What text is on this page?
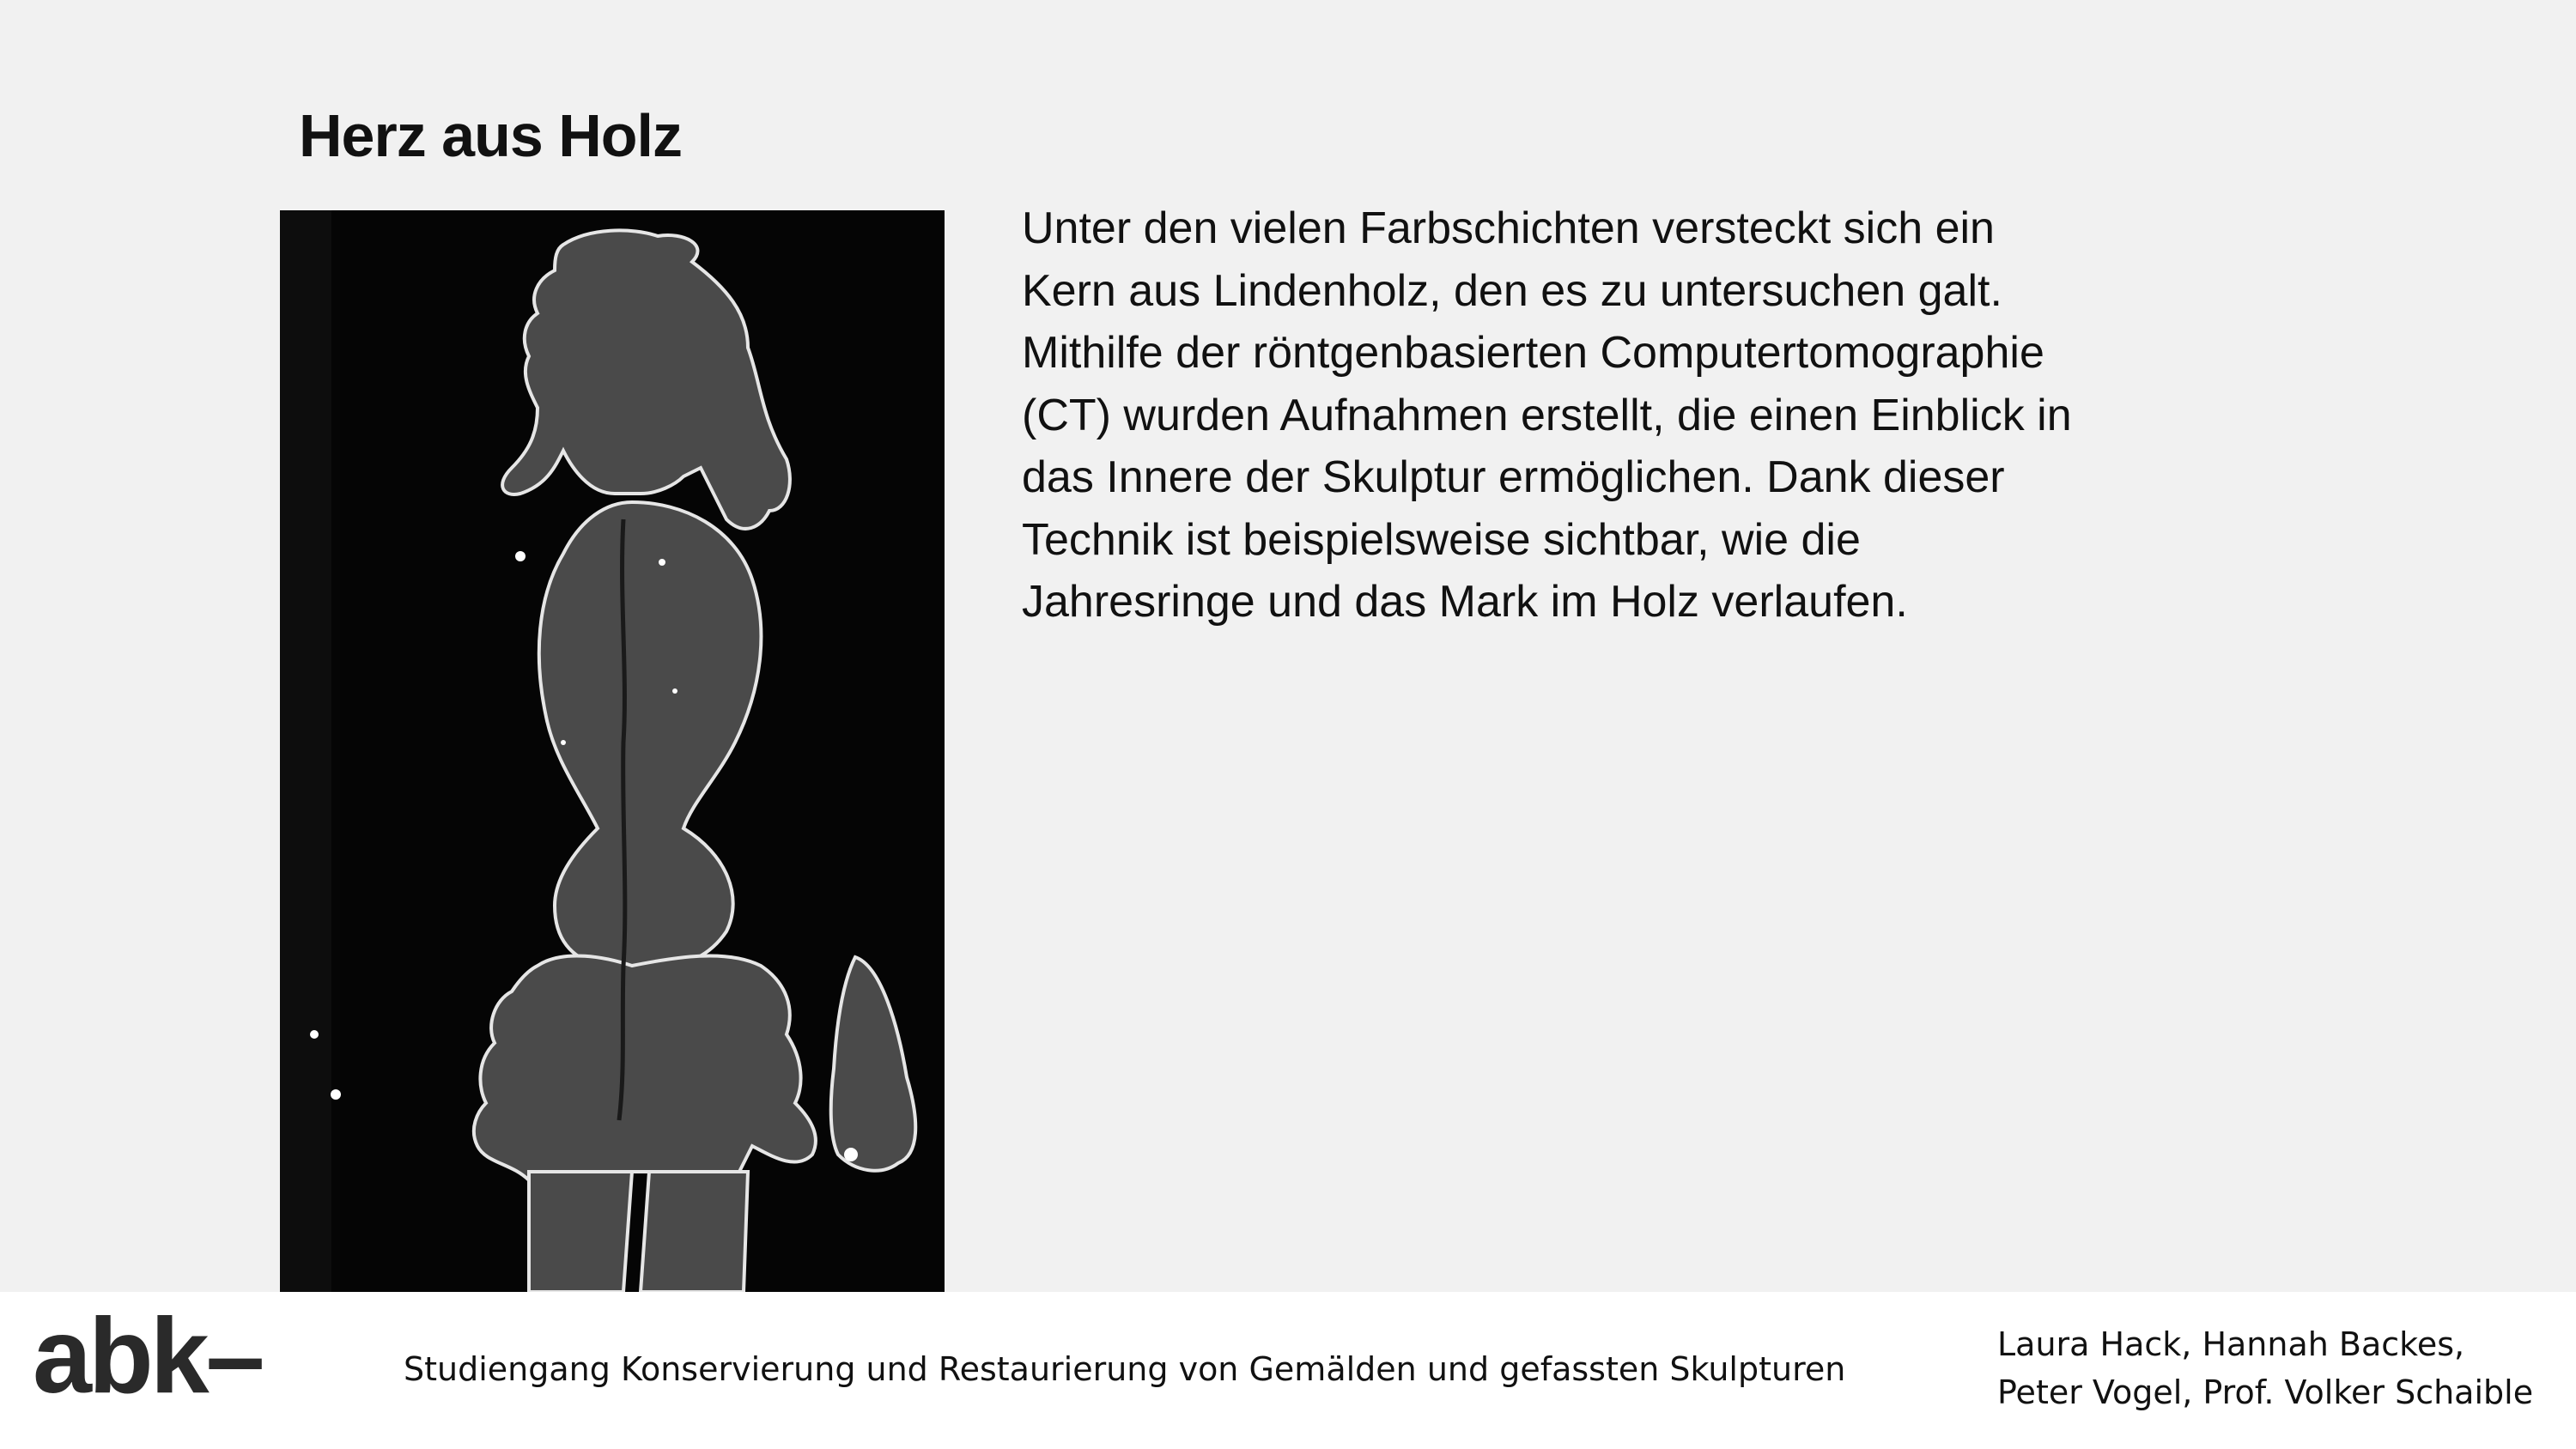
Herz aus Holz
Unter den vielen Farbschichten versteckt sich ein
Kern aus Lindenholz, den es zu untersuchen galt.
Mithilfe der röntgenbasierten Computertomographie
(CT) wurden Aufnahmen erstellt, die einen Einblick in
das Innere der Skulptur ermöglichen. Dank dieser
Technik ist beispielsweise sichtbar, wie die
Jahresringe und das Mark im Holz verlaufen.
abk–	Studiengang Konservierung und Restaurierung von Gemälden und gefassten Skulpturen
Laura Hack, Hannah Backes,
Peter Vogel, Prof. Volker Schaible
